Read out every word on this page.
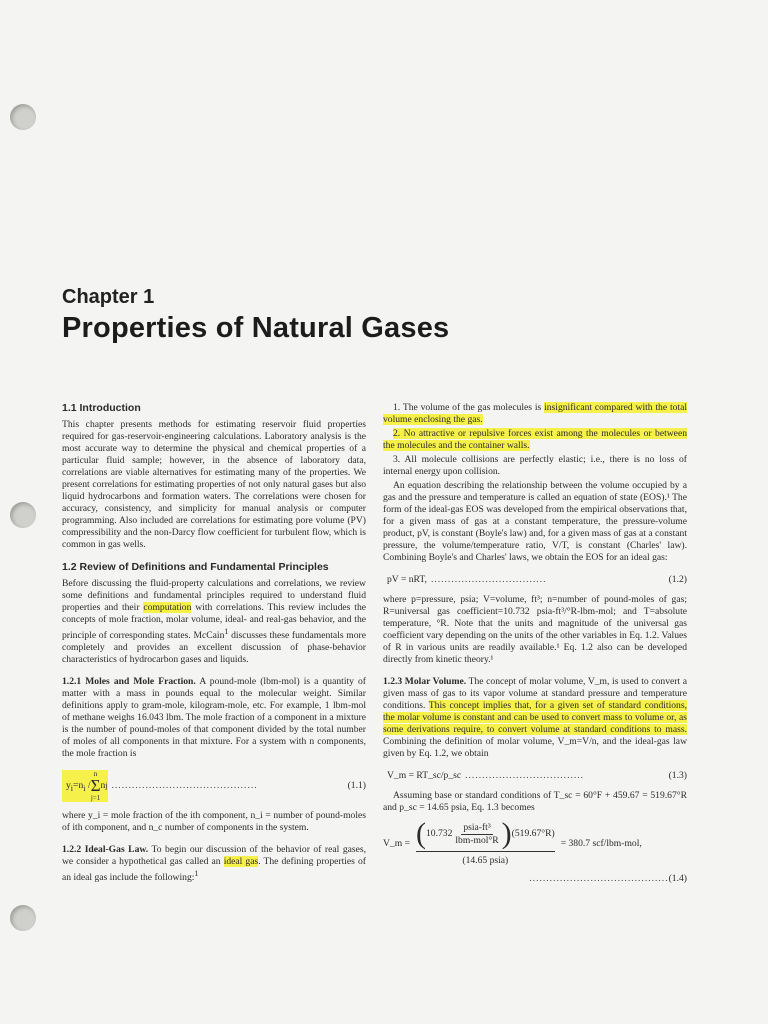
Chapter 1
Properties of Natural Gases
1.1 Introduction

This chapter presents methods for estimating reservoir fluid properties required for gas-reservoir-engineering calculations. Laboratory analysis is the most accurate way to determine the physical and chemical properties of a particular fluid sample; however, in the absence of laboratory data, correlations are viable alternatives for estimating many of the properties. We present correlations for estimating properties of not only natural gases but also liquid hydrocarbons and formation waters. The correlations were chosen for accuracy, consistency, and simplicity for manual analysis or computer programming. Also included are correlations for estimating pore volume (PV) compressibility and the non-Darcy flow coefficient for turbulent flow, which is common in gas wells.

1.2 Review of Definitions and Fundamental Principles

Before discussing the fluid-property calculations and correlations, we review some definitions and fundamental principles required to understand fluid properties and their computation with correlations. This review includes the concepts of mole fraction, molar volume, ideal- and real-gas behavior, and the principle of corresponding states. McCain$^1$ discusses these fundamentals more completely and provides an excellent discussion of phase-behavior characteristics of hydrocarbon gases and liquids.

1.2.1 Moles and Mole Fraction. A pound-mole (lbm-mol) is a quantity of matter with a mass in pounds equal to the molecular weight. Similar definitions apply to gram-mole, kilogram-mole, etc. For example, 1 lbm-mol of methane weighs 16.043 lbm. The mole fraction of a component in a mixture is the number of pound-moles of that component divided by the total number of moles of all components in that mixture. For a system with n components, the mole fraction is

$y_i=n_i$ /
n
Σ
j=1
n j ...........................................	(1.1)

where y_i = mole fraction of the ith component, n_i = number of pound-moles of ith component, and n_c number of components in the system.

1.2.2 Ideal-Gas Law. To begin our discussion of the behavior of real gases, we consider a hypothetical gas called an ideal gas. The defining properties of an ideal gas include the following:$^1$

1. The volume of the gas molecules is insignificant compared with the total volume enclosing the gas.

2. No attractive or repulsive forces exist among the molecules or between the molecules and the container walls.

3. All molecule collisions are perfectly elastic; i.e., there is no loss of internal energy upon collision.

An equation describing the relationship between the volume occupied by a gas and the pressure and temperature is called an equation of state (EOS).¹ The form of the ideal-gas EOS was developed from the empirical observations that, for a given mass of gas at a constant temperature, the pressure-volume product, pV, is constant (Boyle's law) and, for a given mass of gas at a constant pressure, the volume/temperature ratio, V/T, is constant (Charles' law). Combining Boyle's and Charles' laws, we obtain the EOS for an ideal gas:

pV = nRT, ..................................	(1.2)

where p=pressure, psia; V=volume, ft³; n=number of pound-moles of gas; R=universal gas coefficient=10.732 psia-ft³/°R-lbm-mol; and T=absolute temperature, °R. Note that the units and magnitude of the universal gas coefficient vary depending on the units of the other variables in Eq. 1.2. Values of R in various units are readily available.¹ Eq. 1.2 also can be developed directly from kinetic theory.¹

1.2.3 Molar Volume. The concept of molar volume, V_m, is used to convert a given mass of gas to its vapor volume at standard pressure and temperature conditions. This concept implies that, for a given set of standard conditions, the molar volume is constant and can be used to convert mass to volume or, as some derivations require, to convert volume at standard conditions to mass. Combining the definition of molar volume, V_m=V/n, and the ideal-gas law given by Eq. 1.2, we obtain

V_m = RT_sc/p_sc ...................................	(1.3)

Assuming base or standard conditions of T_sc = 60°F + 459.67 = 519.67°R and p_sc = 14.65 psia, Eq. 1.3 becomes

V_m = ( 10.732
psia-ft³
lbm-mol°R ) (519.67°R)
(14.65 psia)
= 380.7 scf/lbm-mol,
......................................... (1.4)
